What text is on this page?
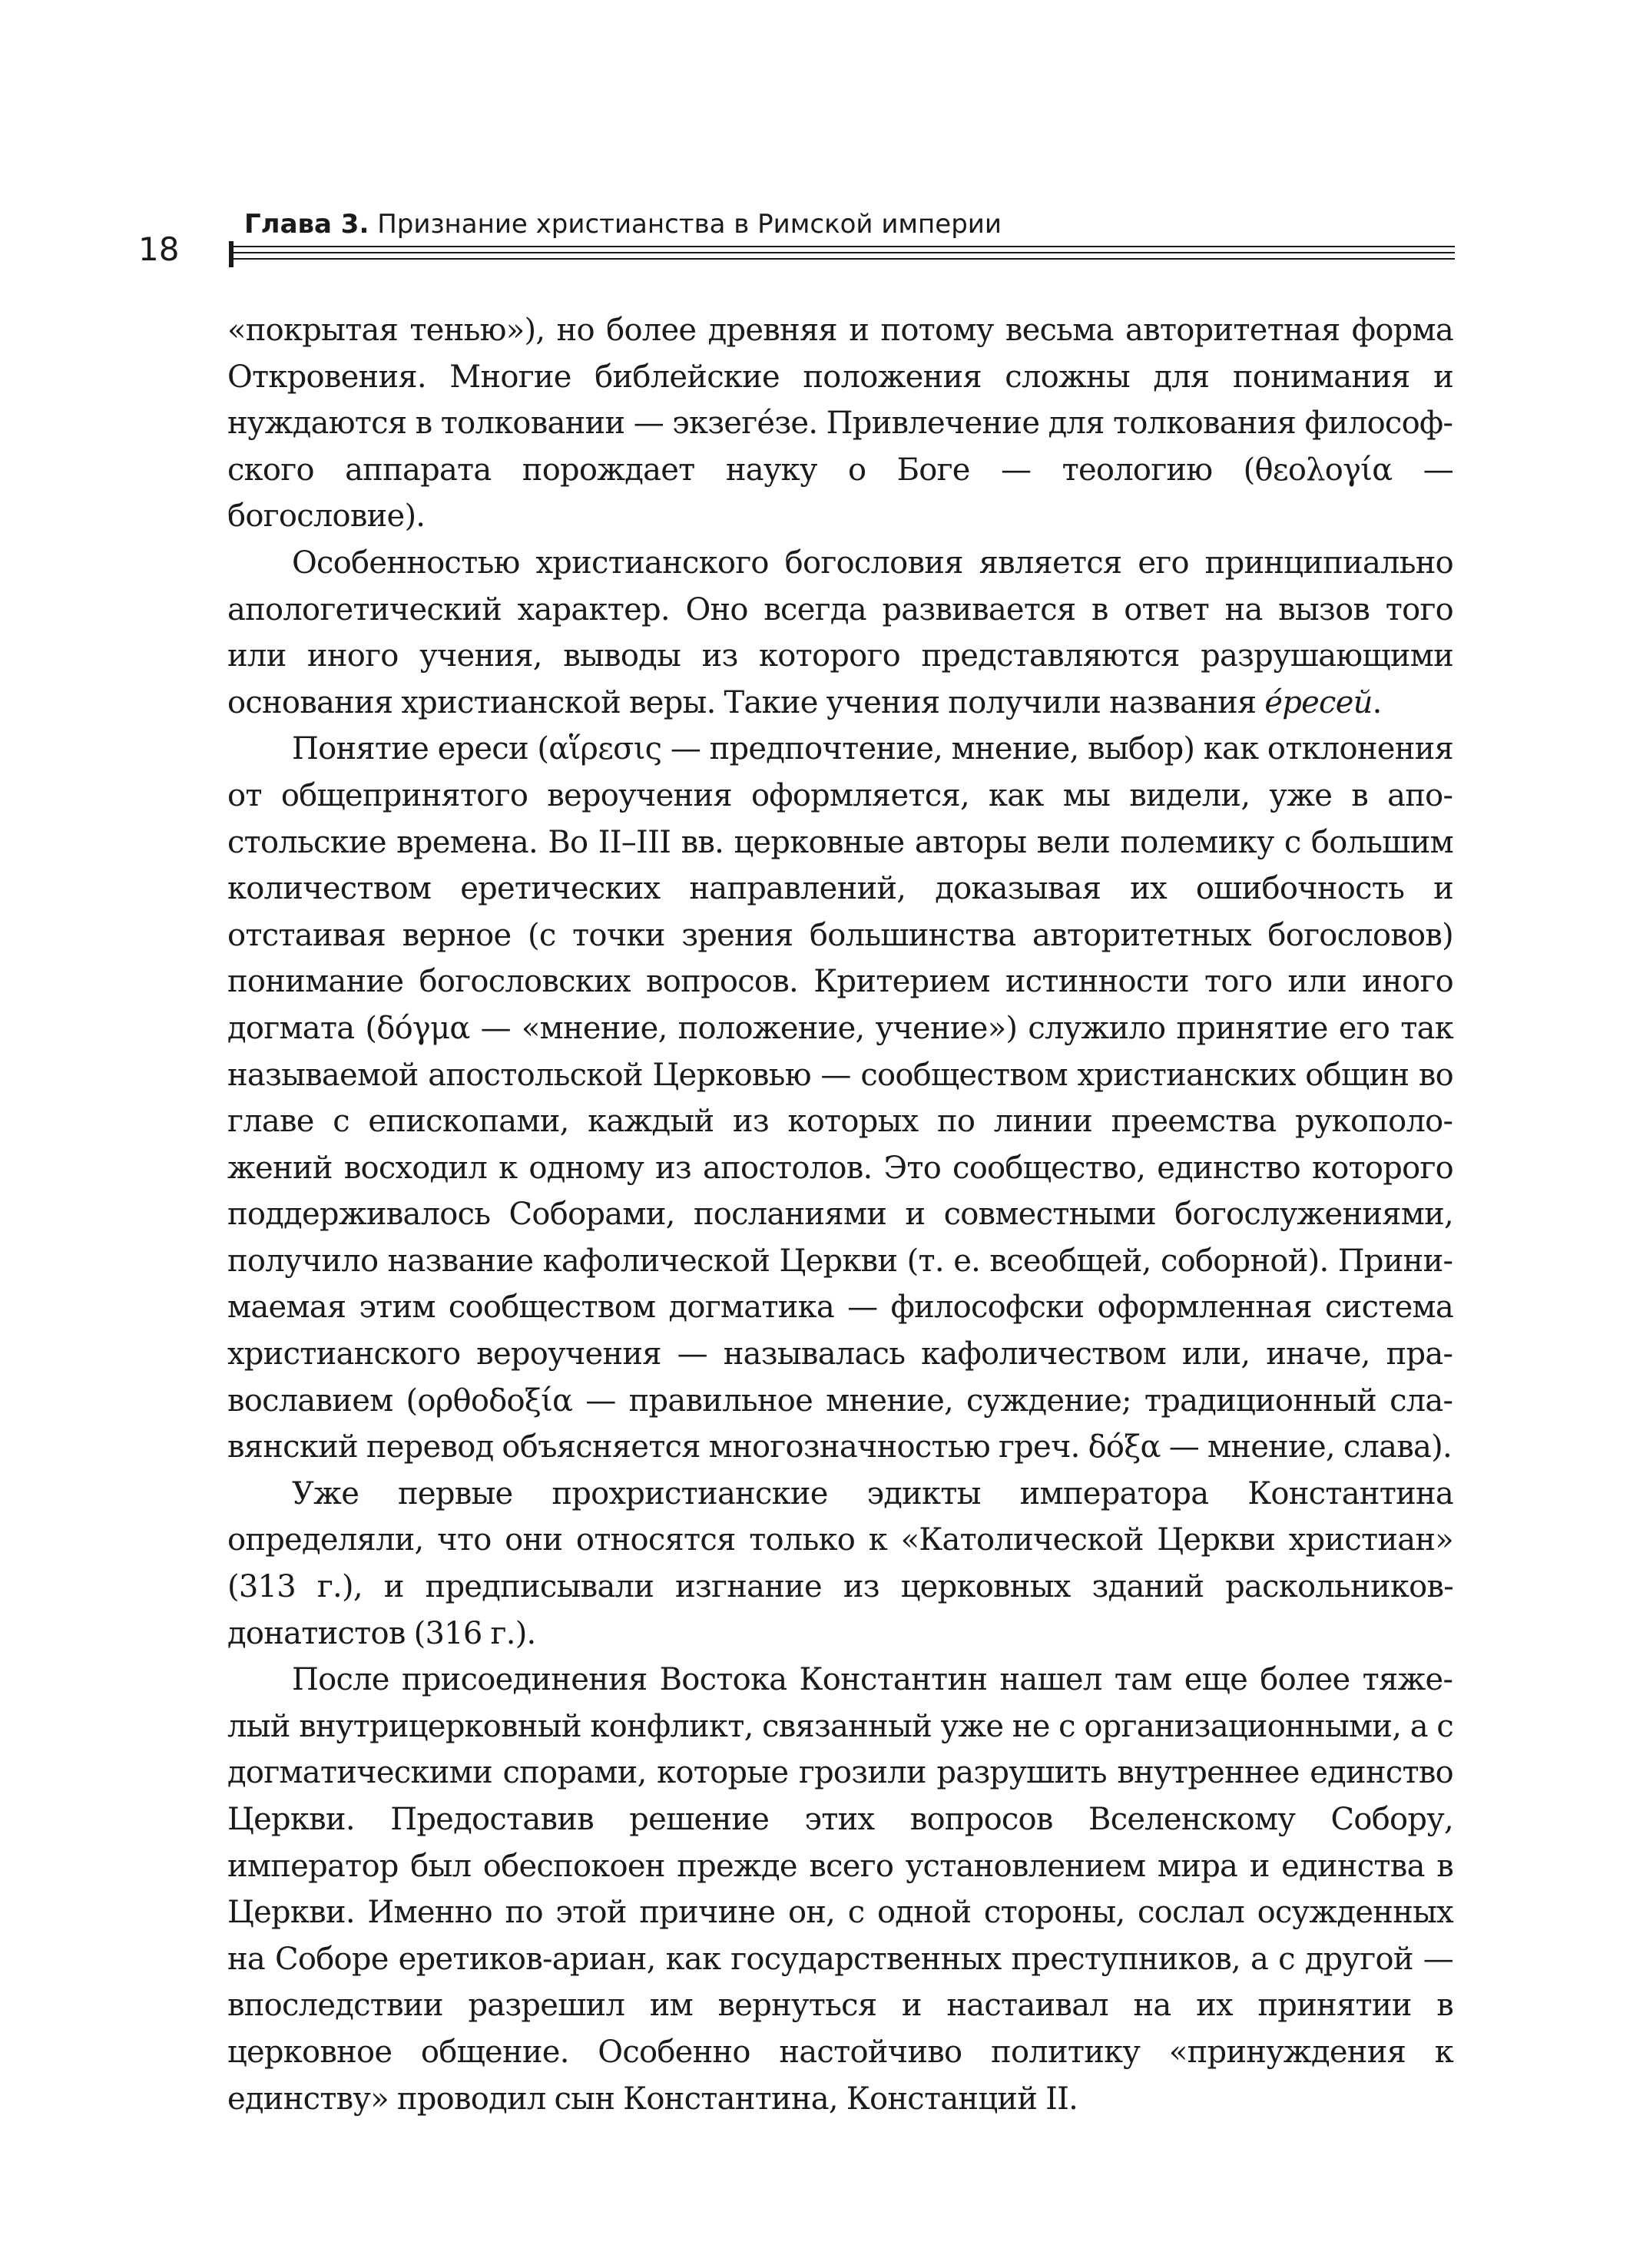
18
Глава 3. Признание христианства в Римской империи

«покрытая тенью»), но более древняя и потому весьма авторитетная форма Откровения. Многие библейские положения сложны для понимания и нуждаются в толковании — экзегéзе. Привлечение для толкования философского аппарата порождает науку о Боге — теологию (θεολογία — богословие).

Особенностью христианского богословия является его принципиально апологетический характер. Оно всегда развивается в ответ на вызов того или иного учения, выводы из которого представляются разрушающими основания христианской веры. Такие учения получили названия éресей.

Понятие ереси (αἵρεσις — предпочтение, мнение, выбор) как отклонения от общепринятого вероучения оформляется, как мы видели, уже в апостольские времена. Во II–III вв. церковные авторы вели полемику с большим количеством еретических направлений, доказывая их ошибочность и отстаивая верное (с точки зрения большинства авторитетных богословов) понимание богословских вопросов. Критерием истинности того или иного догмата (δόγμα — «мнение, положение, учение») служило принятие его так называемой апостольской Церковью — сообществом христианских общин во главе с епископами, каждый из которых по линии преемства рукоположений восходил к одному из апостолов. Это сообщество, единство которого поддерживалось Соборами, посланиями и совместными богослужениями, получило название кафолической Церкви (т. е. всеобщей, соборной). Принимаемая этим сообществом догматика — философски оформленная система христианского вероучения — называлась кафоличеством или, иначе, православием (ορθοδοξία — правильное мнение, суждение; традиционный славянский перевод объясняется многозначностью греч. δόξα — мнение, слава).

Уже первые прохристианские эдикты императора Константина определяли, что они относятся только к «Католической Церкви христиан» (313 г.), и предписывали изгнание из церковных зданий раскольников-донатистов (316 г.).

После присоединения Востока Константин нашел там еще более тяжелый внутрицерковный конфликт, связанный уже не с организационными, а с догматическими спорами, которые грозили разрушить внутреннее единство Церкви. Предоставив решение этих вопросов Вселенскому Собору, император был обеспокоен прежде всего установлением мира и единства в Церкви. Именно по этой причине он, с одной стороны, сослал осужденных на Соборе еретиков-ариан, как государственных преступников, а с другой — впоследствии разрешил им вернуться и настаивал на их принятии в церковное общение. Особенно настойчиво политику «принуждения к единству» проводил сын Константина, Констанций II.
